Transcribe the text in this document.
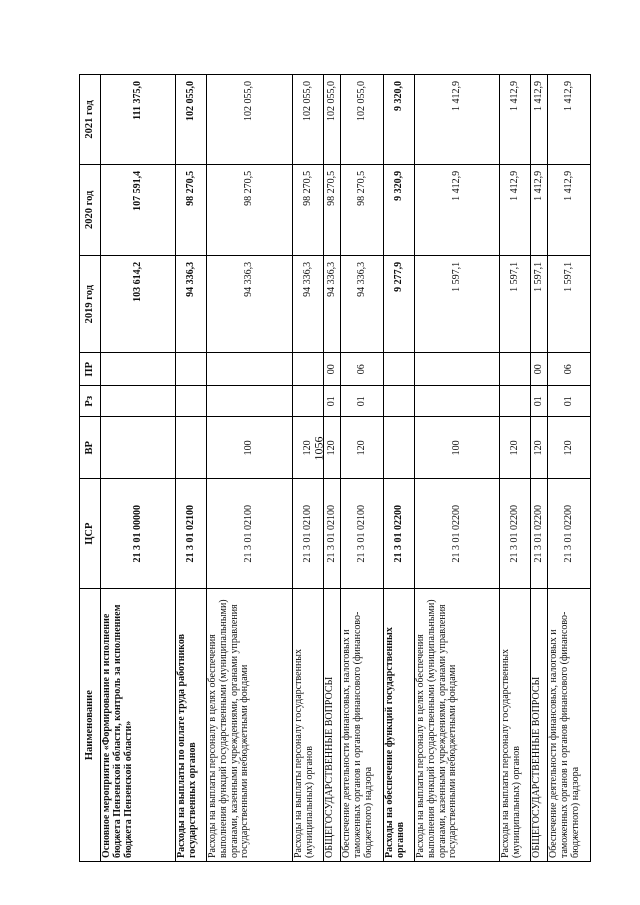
1056
Наименование	ЦСР	ВР	Рз	ПР	2019 год	2020 год	2021 год
Основное мероприятие «Формирование и исполнение бюджета Пензенской области, контроль за исполнением бюджета Пензенской области»	21 3 01 00000				103 614,2	107 591,4	111 375,0
Расходы на выплаты по оплате труда работников государственных органов	21 3 01 02100				94 336,3	98 270,5	102 055,0
Расходы на выплаты персоналу в целях обеспечения выполнения функций государственными (муниципальными) органами, казенными учреждениями, органами управления государственными внебюджетными фондами	21 3 01 02100	100			94 336,3	98 270,5	102 055,0
Расходы на выплаты персоналу государственных (муниципальных) органов	21 3 01 02100	120			94 336,3	98 270,5	102 055,0
ОБЩЕГОСУДАРСТВЕННЫЕ ВОПРОСЫ	21 3 01 02100	120	01	00	94 336,3	98 270,5	102 055,0
Обеспечение деятельности финансовых, налоговых и таможенных органов и органов финансового (финансово-бюджетного) надзора	21 3 01 02100	120	01	06	94 336,3	98 270,5	102 055,0
Расходы на обеспечение функций государственных органов	21 3 01 02200				9 277,9	9 320,9	9 320,0
Расходы на выплаты персоналу в целях обеспечения выполнения функций государственными (муниципальными) органами, казенными учреждениями, органами управления государственными внебюджетными фондами	21 3 01 02200	100			1 597,1	1 412,9	1 412,9
Расходы на выплаты персоналу государственных (муниципальных) органов	21 3 01 02200	120			1 597,1	1 412,9	1 412,9
ОБЩЕГОСУДАРСТВЕННЫЕ ВОПРОСЫ	21 3 01 02200	120	01	00	1 597,1	1 412,9	1 412,9
Обеспечение деятельности финансовых, налоговых и таможенных органов и органов финансового (финансово-бюджетного) надзора	21 3 01 02200	120	01	06	1 597,1	1 412,9	1 412,9
